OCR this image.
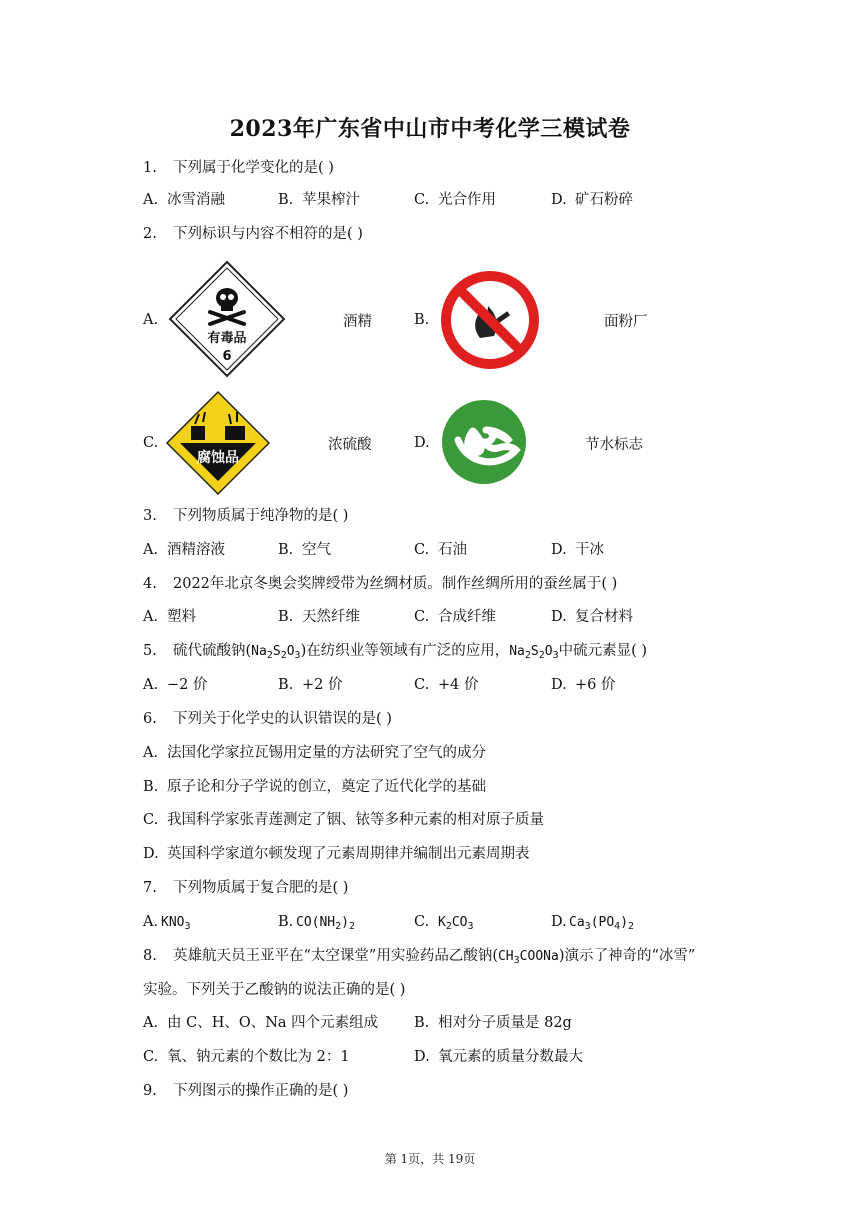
2023年广东省中山市中考化学三模试卷
1. 下列属于化学变化的是( )
A. 冰雪消融	B. 苹果榨汁	C. 光合作用	D. 矿石粉碎
2. 下列标识与内容不相符的是( )
A.
有毒品
6
酒精	B.	面粉厂
C.
腐蚀品
浓硫酸	D.	节水标志
3. 下列物质属于纯净物的是( )
A. 酒精溶液	B. 空气	C. 石油	D. 干冰
4. 2022年北京冬奥会奖牌绶带为丝绸材质。制作丝绸所用的蚕丝属于( )
A. 塑料	B. 天然纤维	C. 合成纤维	D. 复合材料
5. 硫代硫酸钠$(Na_2S_2O_3)$在纺织业等领域有广泛的应用，$Na_2S_2O_3$中硫元素显( )
A. −2 价	B. +2 价	C. +4 价	D. +6 价
6. 下列关于化学史的认识错误的是( )
A. 法国化学家拉瓦锡用定量的方法研究了空气的成分
B. 原子论和分子学说的创立，奠定了近代化学的基础
C. 我国科学家张青莲测定了铟、铱等多种元素的相对原子质量
D. 英国科学家道尔顿发现了元素周期律并编制出元素周期表
7. 下列物质属于复合肥的是( )
A. $KNO_3$	B. $CO(NH_2)_2$	C. $K_2CO_3$	D. $Ca_3(PO_4)_2$
8. 英雄航天员王亚平在“太空课堂”用实验药品乙酸钠$(CH_3COONa)$演示了神奇的“冰雪”
实验。下列关于乙酸钠的说法正确的是( )
A. 由 C、H、O、Na 四个元素组成 B. 相对分子质量是 82g
C. 氧、钠元素的个数比为 2：1	D. 氧元素的质量分数最大
9. 下列图示的操作正确的是( )
第 1页，共 19页
